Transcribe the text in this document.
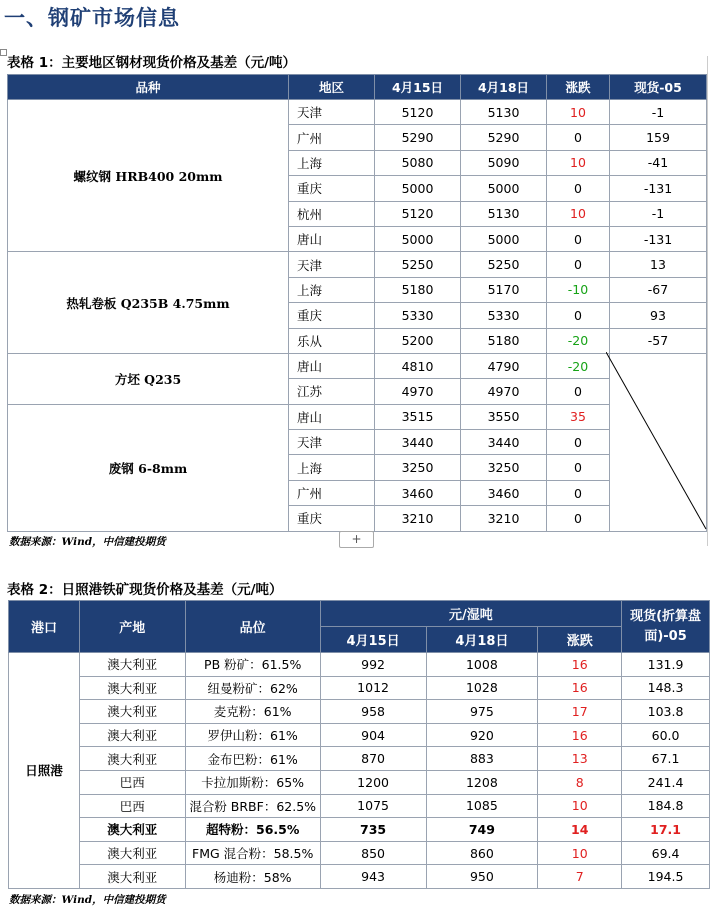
一、钢矿市场信息
表格 1：主要地区钢材现货价格及基差（元/吨）
品种	地区	4月15日	4月18日	涨跌	现货-05
螺纹钢 HRB400 20mm	天津	5120	5130	10	-1
	广州	5290	5290	0	159
	上海	5080	5090	10	-41
	重庆	5000	5000	0	-131
	杭州	5120	5130	10	-1
	唐山	5000	5000	0	-131
热轧卷板 Q235B 4.75mm	天津	5250	5250	0	13
	上海	5180	5170	-10	-67
	重庆	5330	5330	0	93
	乐从	5200	5180	-20	-57
方坯 Q235	唐山	4810	4790	-20	
	江苏	4970	4970	0	
废钢 6-8mm	唐山	3515	3550	35	
	天津	3440	3440	0	
	上海	3250	3250	0	
	广州	3460	3460	0	
	重庆	3210	3210	0	
数据来源：Wind，中信建投期货	+
表格 2：日照港铁矿现货价格及基差（元/吨）
港口	产地	品位	元/湿吨			现货(折算盘面)-05
			4月15日	4月18日	涨跌	
日照港	澳大利亚	PB 粉矿：61.5%	992	1008	16	131.9
	澳大利亚	纽曼粉矿：62%	1012	1028	16	148.3
	澳大利亚	麦克粉：61%	958	975	17	103.8
	澳大利亚	罗伊山粉：61%	904	920	16	60.0
	澳大利亚	金布巴粉：61%	870	883	13	67.1
	巴西	卡拉加斯粉：65%	1200	1208	8	241.4
	巴西	混合粉 BRBF：62.5%	1075	1085	10	184.8
	澳大利亚	超特粉：56.5%	735	749	14	17.1
	澳大利亚	FMG 混合粉：58.5%	850	860	10	69.4
	澳大利亚	杨迪粉：58%	943	950	7	194.5
数据来源：Wind，中信建投期货
